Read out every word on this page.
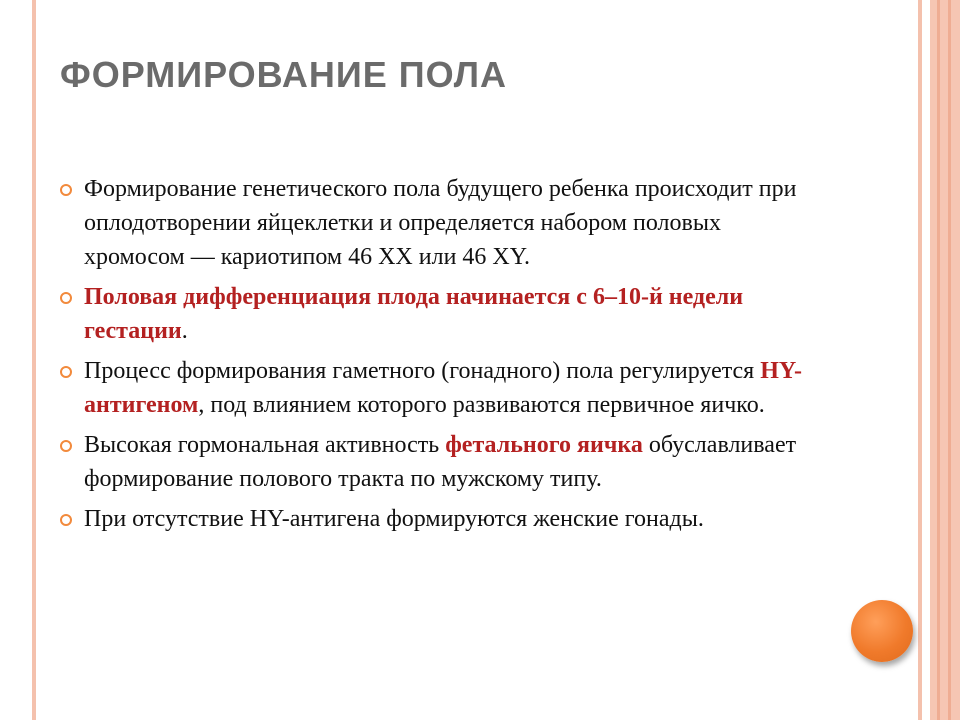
ФОРМИРОВАНИЕ ПОЛА
Формирование генетического пола будущего ребенка происходит при оплодотворении яйцеклетки и определяется набором половых хромосом — кариотипом 46 XX или 46 XY.
Половая дифференциация плода начинается с 6–10-й недели гестации.
Процесс формирования гаметного (гонадного) пола регулируется HY-антигеном, под влиянием которого развиваются первичное яичко.
Высокая гормональная активность фетального яичка обуславливает формирование полового тракта по мужскому типу.
При отсутствие HY-антигена формируются женские гонады.
